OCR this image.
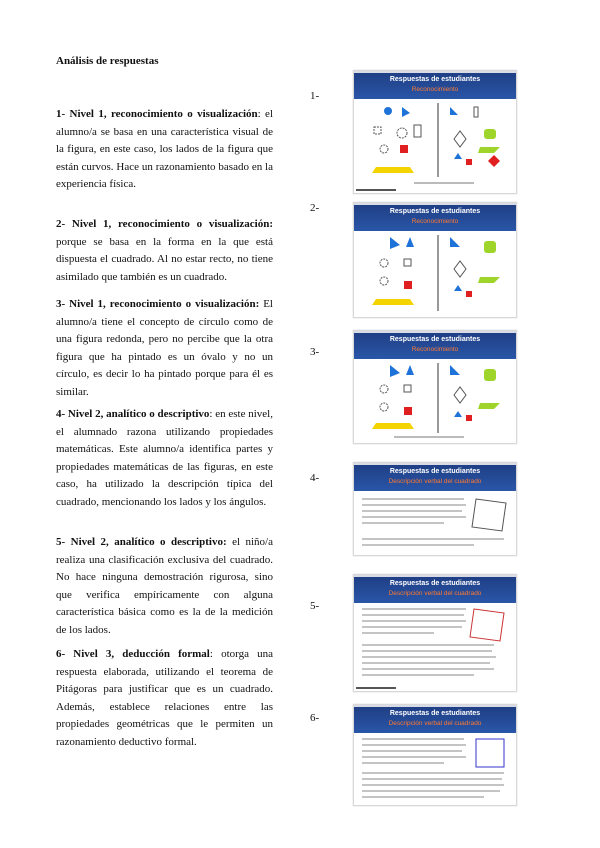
Análisis de respuestas
1- Nivel 1, reconocimiento o visualización: el alumno/a se basa en una característica visual de la figura, en este caso, los lados de la figura que están curvos. Hace un razonamiento basado en la experiencia física.
2- Nivel 1, reconocimiento o visualización: porque se basa en la forma en la que está dispuesta el cuadrado. Al no estar recto, no tiene asimilado que también es un cuadrado.
3- Nivel 1, reconocimiento o visualización: El alumno/a tiene el concepto de círculo como de una figura redonda, pero no percibe que la otra figura que ha pintado es un óvalo y no un círculo, es decir lo ha pintado porque para él es similar.
4- Nivel 2, analítico o descriptivo: en este nivel, el alumnado razona utilizando propiedades matemáticas. Este alumno/a identifica partes y propiedades matemáticas de las figuras, en este caso, ha utilizado la descripción típica del cuadrado, mencionando los lados y los ángulos.
5- Nivel 2, analítico o descriptivo: el niño/a realiza una clasificación exclusiva del cuadrado. No hace ninguna demostración rigurosa, sino que verifica empíricamente con alguna característica básica como es la de la medición de los lados.
6- Nivel 3, deducción formal: otorga una respuesta elaborada, utilizando el teorema de Pitágoras para justificar que es un cuadrado. Además, establece relaciones entre las propiedades geométricas que le permiten un razonamiento deductivo formal.
1-
2-
3-
4-
5-
6-
Respuestas de estudiantes
Reconocimiento
Respuestas de estudiantes
Reconocimiento
Respuestas de estudiantes
Reconocimiento
Respuestas de estudiantes
Descripción verbal del cuadrado
Respuestas de estudiantes
Descripción verbal del cuadrado
Respuestas de estudiantes
Descripción verbal del cuadrado
